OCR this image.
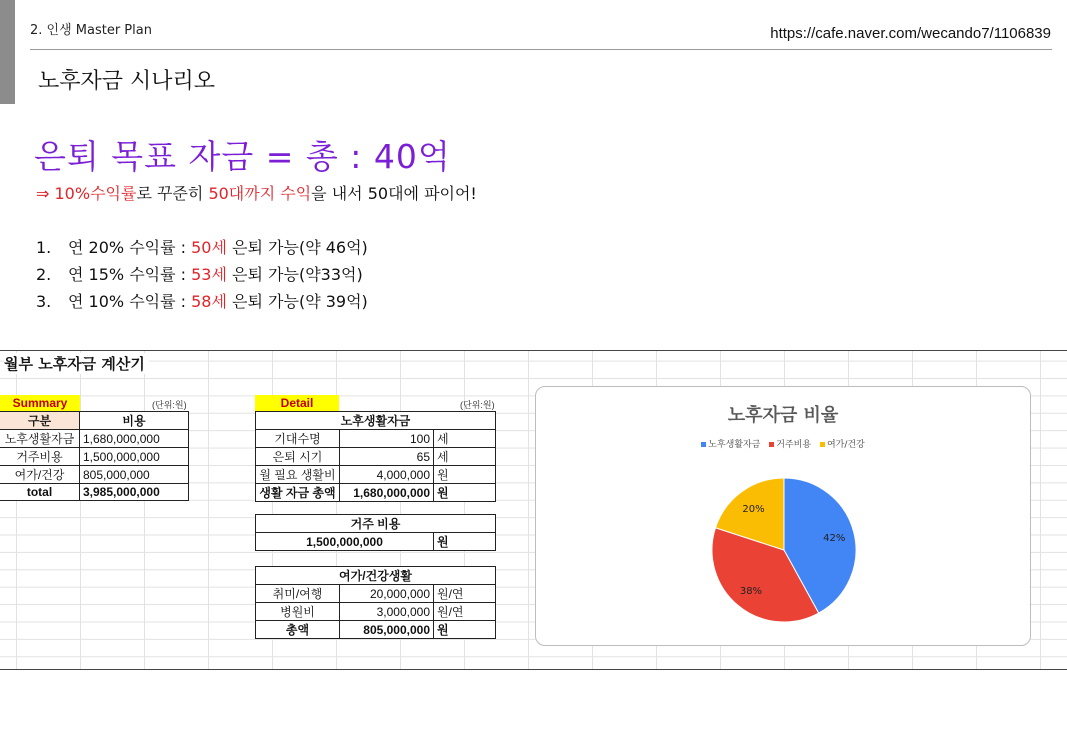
2. 인생 Master Plan	https://cafe.naver.com/wecando7/1106839
노후자금 시나리오
은퇴 목표 자금 = 총 : 40억
⇒ 10%수익률로 꾸준히 50대까지 수익을 내서 50대에 파이어!
1. 연 20% 수익률 : 50세 은퇴 가능(약 46억)
2. 연 15% 수익률 : 53세 은퇴 가능(약33억)
3. 연 10% 수익률 : 58세 은퇴 가능(약 39억)
월부 노후자금 계산기
Summary	(단위:원)	Detail	(단위:원)
구분	비용
노후생활자금	1,680,000,000
거주비용	1,500,000,000
여가/건강	805,000,000
total	3,985,000,000
노후생활자금		
기대수명	100	세
은퇴 시기	65	세
월 필요 생활비	4,000,000	원
생활 자금 총액	1,680,000,000	원
거주 비용
1,500,000,000	원
여가/건강생활		
취미/여행	20,000,000	원/연
병원비	3,000,000	원/연
총액	805,000,000	원
노후자금 비율
노후생활자금 거주비용 여가/건강
42%
38%
20%
